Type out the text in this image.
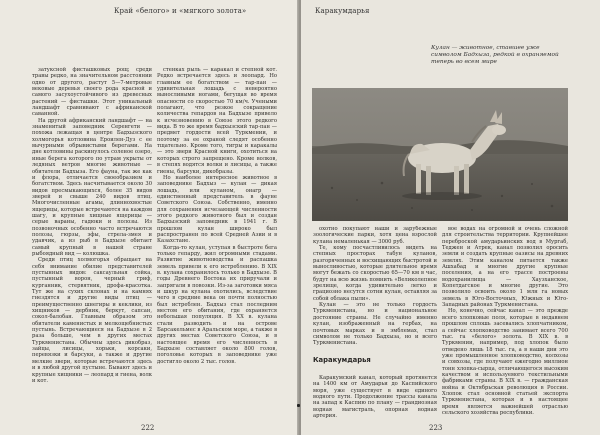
Край «белого» и «мягкого золота»

затуксной фисташковых рощ; среди травы редко, на значительном расстоянии одно от другого, растут 5—7-метровые вековые деревья своего рода красной и самого засухоустойчивого из древесных растений — фисташки. Этот уникальный ландшафт сравнивают с африканской саванной.

На другой африканский ландшафт — на знаменитый заповедник Серенгети — похожа лежащая в центре Бадхызского холмогорья котловина Ероилен-Дуз с ее вычурными обрывистыми берегами. На дне котловины раскинулось соленое озеро, иные берега которого по утрам укрыты от ледяных ветров многие животные — обитатели Бадхыза. Его фауна, так же как и флора, отличается своеобразием и богатством. Здесь насчитывается около 30 видов пресмыкающихся, более 35 видов зверей и свыше 240 видов птиц. Многочисленные агамы, длиннохвостые ящерицы, которые встречаются на каждом шагу, и крупные хищные ящерицы — серые вараны, гадюки и полозы. Из позвоночных особенно часто встречаются полозы, гюрзы, эфы, стрела-змея и удавчик, а из рыб в Бадхызе обитает самый крупный в нашей стране рыбоядный вид — колюшка.

Среди птиц холмогорья обращает на себя внимание обилие представителей пустынных видов: саксаульная сойка, пустынный ворон, черный гриф, курганник, стервятник, дрофа-красотка. Тут же на сухих склонах и на камнях гнездятся и другие виды птиц — преимущественно шнегиры и кеклики, из хищников — дербник, беркут, сапсан, сокол-балобан. Главным образом это обитатели каменистых и мелкощебнистых пустынь. Встречающиеся на Бадхызе в 2 раза больше, чем в других местах Туркменистана. Обычны здесь дикобраз, зайцы, лисицы, хорьки, корсаки, перевязки и барсуки, а также и другие мелкие звери, которые встречаются здесь и в любой другой пустыне. Бывают здесь и крупные хищники — леопард и гиена, волк и кот.

стенках рыль — каракал и степной кот. Редко встречается здесь и леопард. Но главным ее богатством — тар-пан — удивительная лошадь с невероятно выносливыми ногами, бегущая во время опасности со скоростью 70 км/ч. Учеными полагают, что резкое сокращение количества гепардов на Бадхызе привело к исчезновению в Союзе этого редкого вида. В то же время бадхызский тар-пан — предмет гордости всей Туркмении, и поэтому за ее охраной следят особенно тщательно. Кроме того, тигры и каракалы — это звери Красной книги, охотиться на которых строго запрещено. Кроме волков, в степях водятся волки и лисицы, а также гиены, барсуки, дикобразы.

Но наиболее интересное животное в заповеднике Бадхыз — кулан — дикая лошадь, или куланом, онагр — единственный представитель в фауне Советского Союза. Собственно, именно для сохранения исчезающей численности этого редкого животного был и создан Бадхызский заповедник в 1941 г. В прошлом кулан широко был распространен по всей Средней Азии и в Казахстане.

Когда-то кулан, уступая в быстроте бега только гепарду, жил огромными стадами. Развитие животноводства и распашка земель привели к его истреблению. В XIX в. кулана сохранилось только в Бадхызе. В годы Древнего Востока их приручали и запрягали в повозки. Из-за заготовки мяса и шкур на кулана охотились, вследствие чего в средние века он почти полностью был истреблен. Бадхыз стал последним местом его обитания, где охраняется небольшая популяция. В XX в. кулана стали разводить и на острове Барсакельмес в Аральском море, а также в других местах Советского Союза, и в настоящее время его численность в Бадхызе составляет около 800 голов, поголовье которых в заповеднике уже достигло около 2 тыс. голов.

222
Каракумдарья
Кулан — животное, ставшее уже символом Бадхыза, редкой в охраняемой теперь во всем мире

охотно покупают наши и зарубежные зоологические парки, хотя цена взрослой кулана немаленькая — 3000 руб.

Те, кому посчастливилось видеть на степных просторах табун куланов, разгоряченных и восхищающих быстротой и выносливостью, которые длительное время могут бежать со скоростью 65—70 км в час, будут на всю жизнь помнить «Великолепное зрелище, когда удивительно легко и грациозно несутся сотни кулан, оставляя за собой облака пыли».

Кулан — это не только гордость Туркменистана, но и национальное достояние страны. Не случайно именно кулан, изображенный на гербах, на почтовых марках и в эмблемах, стал символом не только Бадхыза, но и всего Туркменистана.

Каракумдарья

Каракумский канал, который протянется на 1400 км от Амударьи до Каспийского моря, уже существует в виде единого водного пути. Продолжение трассы канала на запад к Каспию по плану — грандиозная водная магистраль, опорная водная артерия.

вое водах на огромной и очень сложной для строительства территории. Крупнейшее переброской амударьинских вод в Мургаб, Теджен и Атрек, канал позволил оросить земли и создать крупные оазисы на древних землях. Этим каналом питается также Ашхабад и многие другие крупные поселения, а на его трассе построены водохранилища — Хаузханское, Копетдагское и многие другие. Это позволило освоить около 1 млн га новых земель в Юго-Восточных, Южных и Юго-Западных районах Туркменистана.

Но, конечно, сейчас канал — это прежде всего хлопковые поля, которые в недавнем прошлом сплошь засевались хлопчатником, а сейчас хлопководство занимает всего 700 тыс. га «белого» золота. В XIX в. в Туркмении, например, под хлопок было отведено лишь 18 тыс. га, а в наши дни это уже промышленное хлопководство, колхозы и совхозы, где получают ежегодно миллион тонн хлопка-сырца, отличающегося высоким качеством и используемого текстильными фабриками страны. В XIX в. — гражданская война и Октябрьская революция в России. Хлопок стал основной статьей экспорта Туркменистана, которая и в настоящее время является важнейшей отраслью сельского хозяйства республики.

223
